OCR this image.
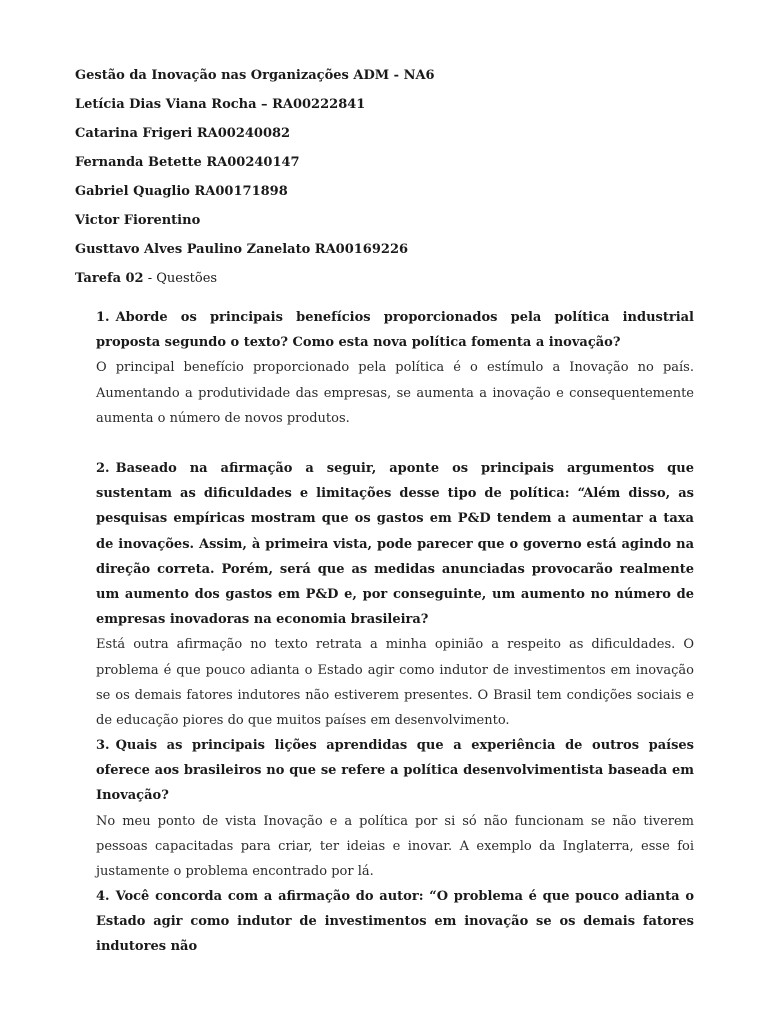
Gestão da Inovação nas Organizações ADM - NA6
Letícia Dias Viana Rocha – RA00222841
Catarina Frigeri RA00240082
Fernanda Betette RA00240147
Gabriel Quaglio RA00171898
Victor Fiorentino
Gusttavo Alves Paulino Zanelato RA00169226
Tarefa 02 - Questões
1. Aborde os principais benefícios proporcionados pela política industrial proposta segundo o texto? Como esta nova política fomenta a inovação?
O principal benefício proporcionado pela política é o estímulo a Inovação no país. Aumentando a produtividade das empresas, se aumenta a inovação e consequentemente aumenta o número de novos produtos.
2. Baseado na afirmação a seguir, aponte os principais argumentos que sustentam as dificuldades e limitações desse tipo de política: “Além disso, as pesquisas empíricas mostram que os gastos em P&D tendem a aumentar a taxa de inovações. Assim, à primeira vista, pode parecer que o governo está agindo na direção correta. Porém, será que as medidas anunciadas provocarão realmente um aumento dos gastos em P&D e, por conseguinte, um aumento no número de empresas inovadoras na economia brasileira?
Está outra afirmação no texto retrata a minha opinião a respeito as dificuldades. O problema é que pouco adianta o Estado agir como indutor de investimentos em inovação se os demais fatores indutores não estiverem presentes. O Brasil tem condições sociais e de educação piores do que muitos países em desenvolvimento.
3. Quais as principais lições aprendidas que a experiência de outros países oferece aos brasileiros no que se refere a política desenvolvimentista baseada em Inovação?
No meu ponto de vista Inovação e a política por si só não funcionam se não tiverem pessoas capacitadas para criar, ter ideias e inovar. A exemplo da Inglaterra, esse foi justamente o problema encontrado por lá.
4. Você concorda com a afirmação do autor: “O problema é que pouco adianta o Estado agir como indutor de investimentos em inovação se os demais fatores indutores não
